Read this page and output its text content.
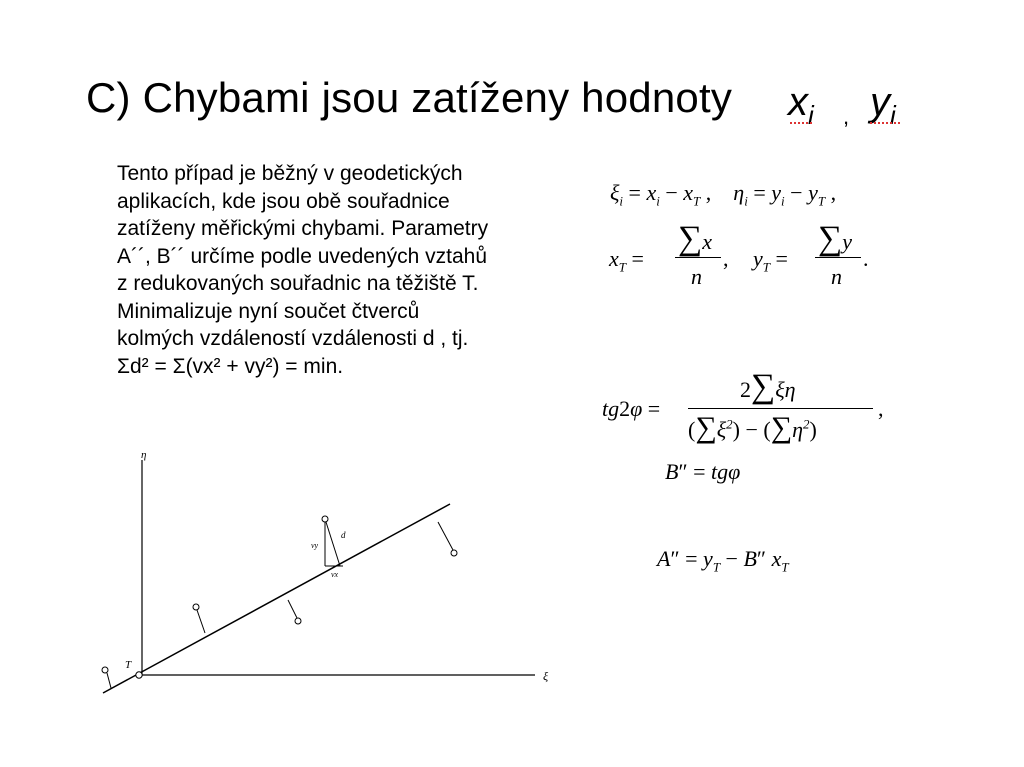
C) Chybami jsou zatíženy hodnoty $x_i$ , $y_i$

Tento případ je běžný v geodetických

aplikacích, kde jsou obě souřadnice

zatíženy měřickými chybami. Parametry

A´´, B´´ určíme podle uvedených vztahů

z redukovaných souřadnic na těžiště T.

Minimalizuje nyní součet čtverců

kolmých vzdáleností vzdálenosti d , tj.

Σd² = Σ(vx² + vy²) = min.

$\xi_i = x_i - x_T$ ,    $\eta_i = y_i - y_T$ ,
$x_T$ =
∑x
n
, $y_T$ =
∑y
n
.
tg2φ =
2∑ξη
$(\sum\xi^2) - (\sum\eta^2)$
,
B″ = tgφ
$A'' = y_T - B''$ $x_T$
η
ξ
T
d
vy
vx
